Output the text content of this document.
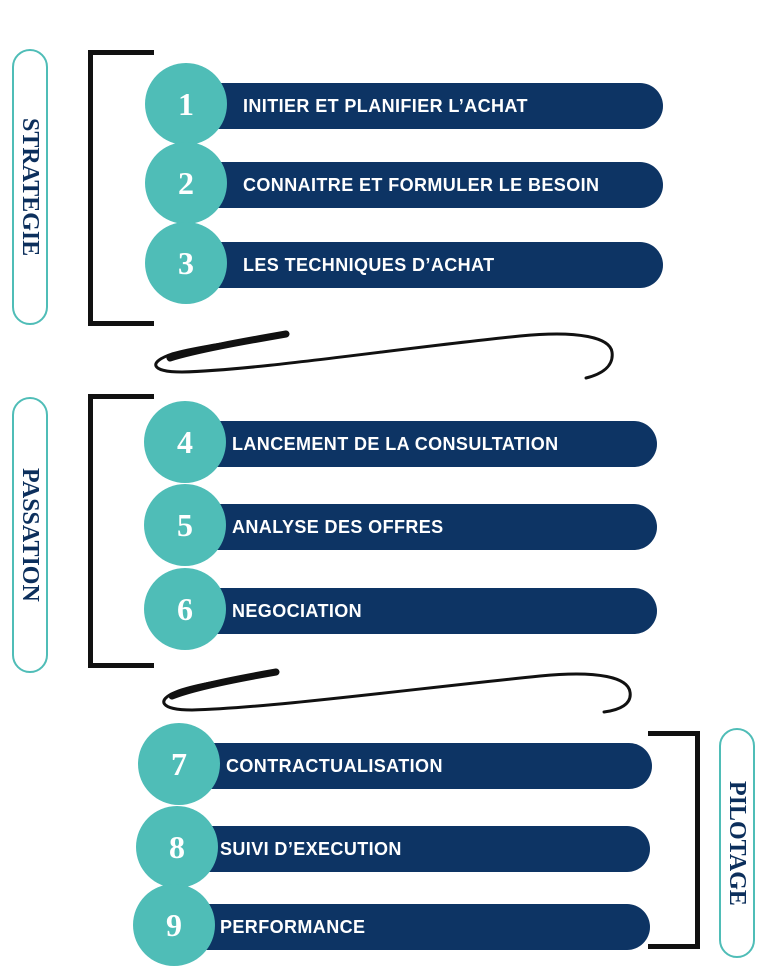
STRATEGIE
PASSATION
PILOTAGE
INITIER ET PLANIFIER L’ACHAT
1
CONNAITRE ET FORMULER LE BESOIN
2
LES TECHNIQUES D’ACHAT
3
LANCEMENT DE LA CONSULTATION
4
ANALYSE DES OFFRES
5
NEGOCIATION
6
CONTRACTUALISATION
7
SUIVI D’EXECUTION
8
PERFORMANCE
9
